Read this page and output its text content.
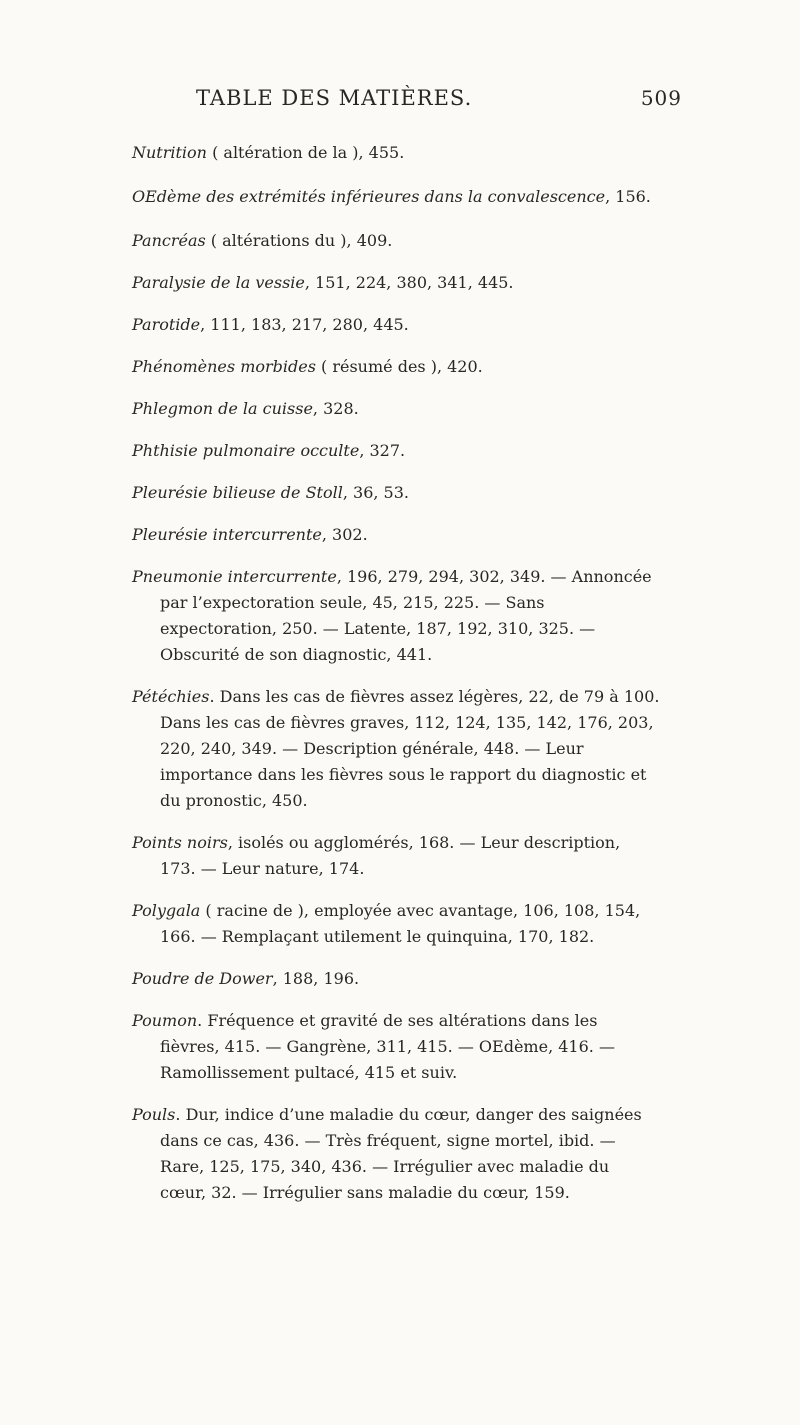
TABLE DES MATIÈRES.	509

Nutrition ( altération de la ), 455.

OEdème des extrémités inférieures dans la convalescence, 156.

Pancréas ( altérations du ), 409.

Paralysie de la vessie, 151, 224, 380, 341, 445.

Parotide, 111, 183, 217, 280, 445.

Phénomènes morbides ( résumé des ), 420.

Phlegmon de la cuisse, 328.

Phthisie pulmonaire occulte, 327.

Pleurésie bilieuse de Stoll, 36, 53.

Pleurésie intercurrente, 302.

Pneumonie intercurrente, 196, 279, 294, 302, 349. — Annoncée par l’expectoration seule, 45, 215, 225. — Sans expectoration, 250. — Latente, 187, 192, 310, 325. — Obscurité de son diagnostic, 441.

Pétéchies. Dans les cas de fièvres assez légères, 22, de 79 à 100. Dans les cas de fièvres graves, 112, 124, 135, 142, 176, 203, 220, 240, 349. — Description générale, 448. — Leur importance dans les fièvres sous le rapport du diagnostic et du pronostic, 450.

Points noirs, isolés ou agglomérés, 168. — Leur description, 173. — Leur nature, 174.

Polygala ( racine de ), employée avec avantage, 106, 108, 154, 166. — Remplaçant utilement le quinquina, 170, 182.

Poudre de Dower, 188, 196.

Poumon. Fréquence et gravité de ses altérations dans les fièvres, 415. — Gangrène, 311, 415. — OEdème, 416. — Ramollissement pultacé, 415 et suiv.

Pouls. Dur, indice d’une maladie du cœur, danger des saignées dans ce cas, 436. — Très fréquent, signe mortel, ibid. — Rare, 125, 175, 340, 436. — Irrégulier avec maladie du cœur, 32. — Irrégulier sans maladie du cœur, 159.
